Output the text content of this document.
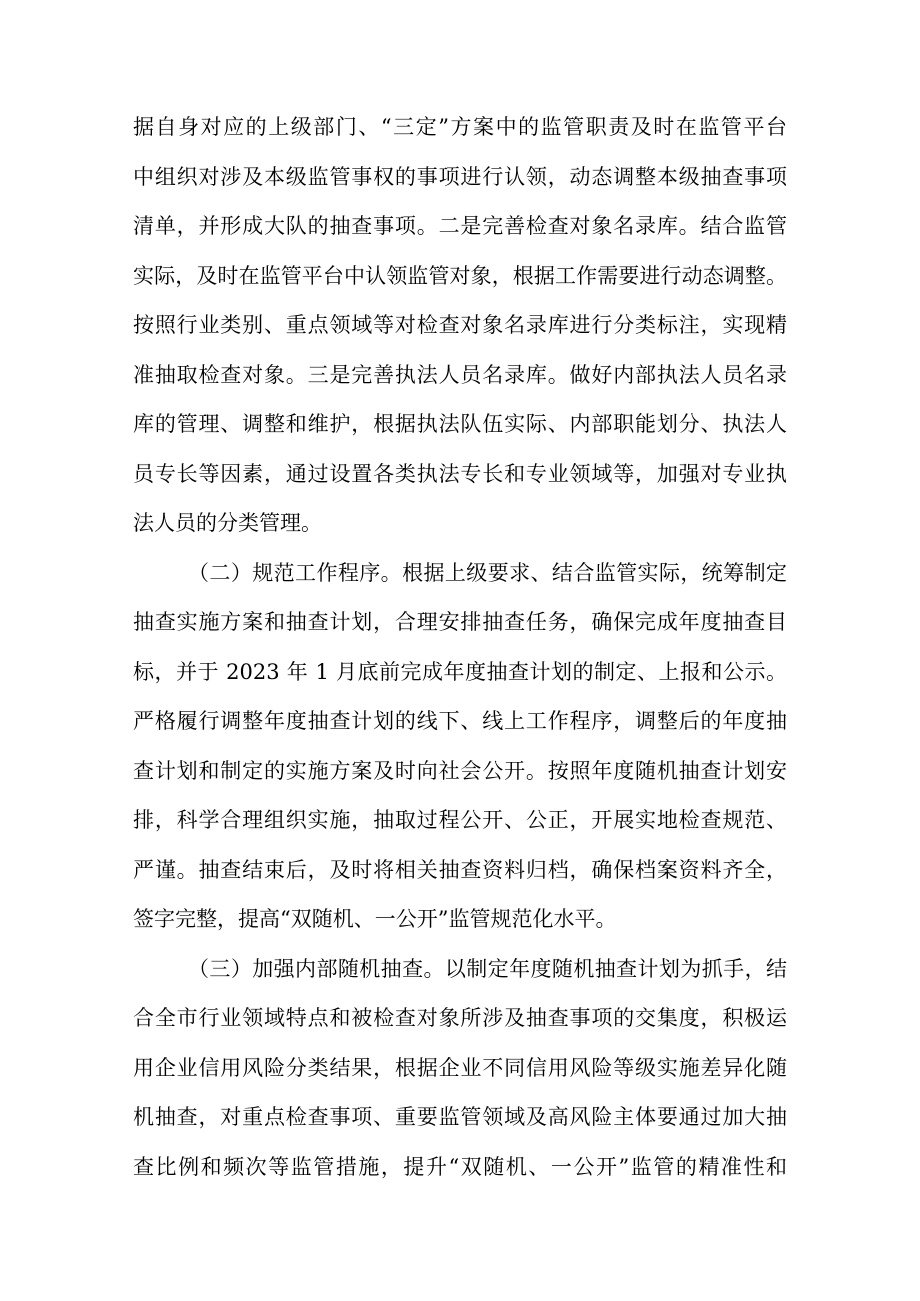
据自身对应的上级部门、“三定”方案中的监管职责及时在监管平台
中组织对涉及本级监管事权的事项进行认领，动态调整本级抽查事项
清单，并形成大队的抽查事项。二是完善检查对象名录库。结合监管
实际，及时在监管平台中认领监管对象，根据工作需要进行动态调整。
按照行业类别、重点领域等对检查对象名录库进行分类标注，实现精
准抽取检查对象。三是完善执法人员名录库。做好内部执法人员名录
库的管理、调整和维护，根据执法队伍实际、内部职能划分、执法人
员专长等因素，通过设置各类执法专长和专业领域等，加强对专业执
法人员的分类管理。
（二）规范工作程序。根据上级要求、结合监管实际，统筹制定
抽查实施方案和抽查计划，合理安排抽查任务，确保完成年度抽查目
标，并于 2023 年 1 月底前完成年度抽查计划的制定、上报和公示。
严格履行调整年度抽查计划的线下、线上工作程序，调整后的年度抽
查计划和制定的实施方案及时向社会公开。按照年度随机抽查计划安
排，科学合理组织实施，抽取过程公开、公正，开展实地检查规范、
严谨。抽查结束后，及时将相关抽查资料归档，确保档案资料齐全，
签字完整，提高“双随机、一公开”监管规范化水平。
（三）加强内部随机抽查。以制定年度随机抽查计划为抓手，结
合全市行业领域特点和被检查对象所涉及抽查事项的交集度，积极运
用企业信用风险分类结果，根据企业不同信用风险等级实施差异化随
机抽查，对重点检查事项、重要监管领域及高风险主体要通过加大抽
查比例和频次等监管措施，提升“双随机、一公开”监管的精准性和
